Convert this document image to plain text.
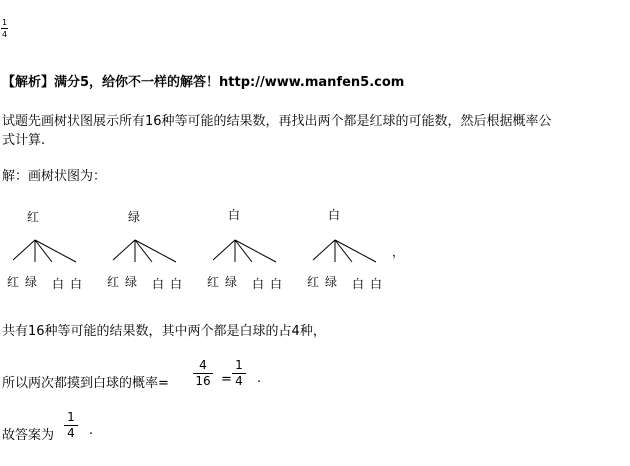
1
4
【解析】满分5，给你不一样的解答！http://www.manfen5.com
试题先画树状图展示所有16种等可能的结果数，再找出两个都是红球的可能数，然后根据概率公
式计算.
解：画树状图为：
红	绿	白	白
红 绿 白 白 红 绿 白 白 红 绿 白 白 红 绿 白 白
，
共有16种等可能的结果数，其中两个都是白球的占4种，
所以两次都摸到白球的概率=
4
16 =
1
4 .
故答案为
1
4 .
